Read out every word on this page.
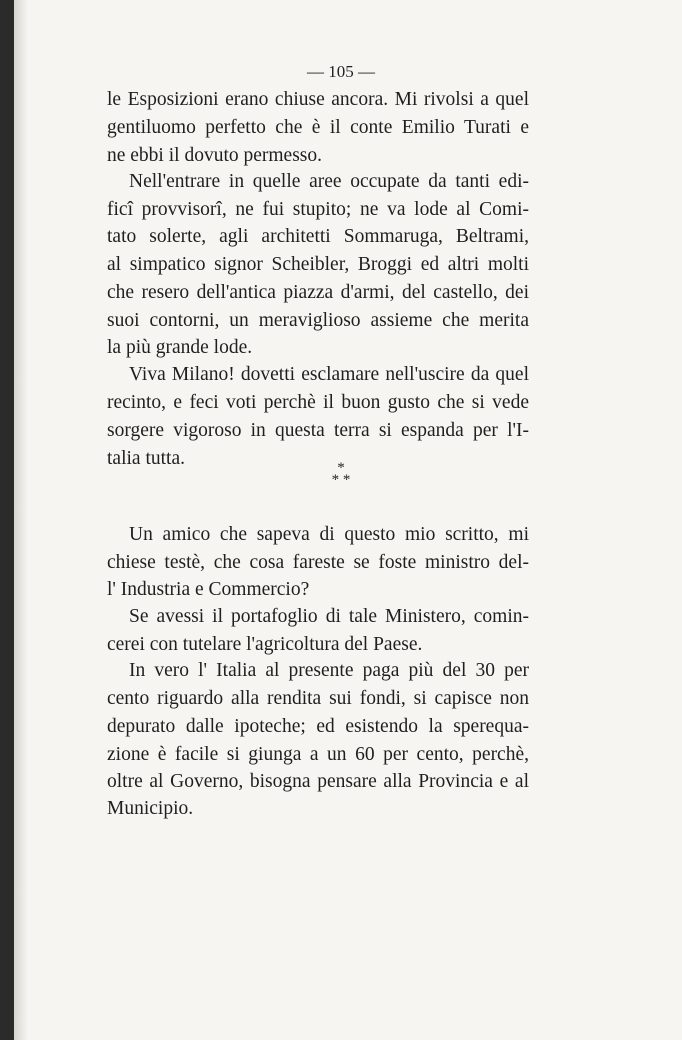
— 105 —
le Esposizioni erano chiuse ancora. Mi rivolsi a quel
gentiluomo perfetto che è il conte Emilio Turati e
ne ebbi il dovuto permesso.
Nell'entrare in quelle aree occupate da tanti edi-
ficî provvisorî, ne fui stupito; ne va lode al Comi-
tato solerte, agli architetti Sommaruga, Beltrami,
al simpatico signor Scheibler, Broggi ed altri molti
che resero dell'antica piazza d'armi, del castello, dei
suoi contorni, un meraviglioso assieme che merita
la più grande lode.
Viva Milano! dovetti esclamare nell'uscire da quel
recinto, e feci voti perchè il buon gusto che si vede
sorgere vigoroso in questa terra si espanda per l'I-
talia tutta.	*
* *
Un amico che sapeva di questo mio scritto, mi
chiese testè, che cosa fareste se foste ministro del-
l' Industria e Commercio?
Se avessi il portafoglio di tale Ministero, comin-
cerei con tutelare l'agricoltura del Paese.
In vero l' Italia al presente paga più del 30 per
cento riguardo alla rendita sui fondi, si capisce non
depurato dalle ipoteche; ed esistendo la sperequa-
zione è facile si giunga a un 60 per cento, perchè,
oltre al Governo, bisogna pensare alla Provincia e al
Municipio.
